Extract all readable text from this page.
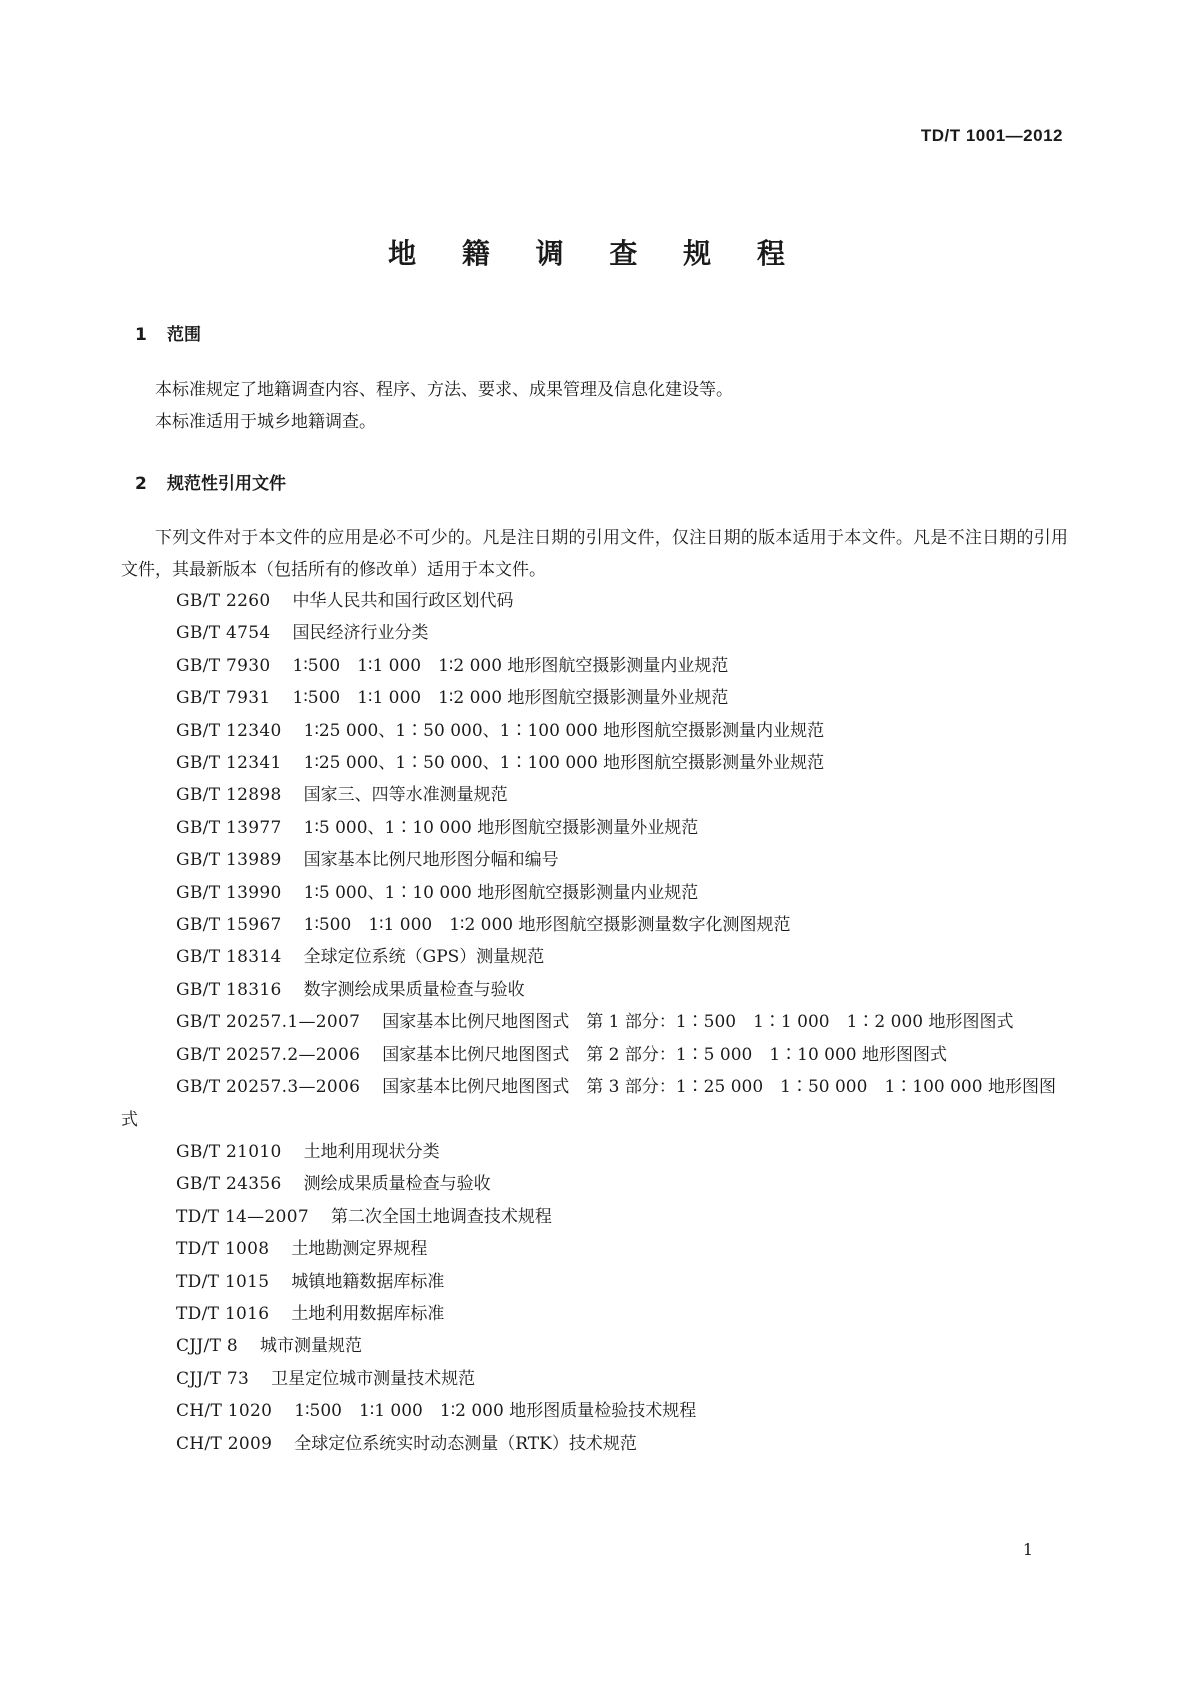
TD/T 1001—2012
地 籍 调 查 规 程
1 范围

本标准规定了地籍调查内容、程序、方法、要求、成果管理及信息化建设等。

本标准适用于城乡地籍调查。

2 规范性引用文件

下列文件对于本文件的应用是必不可少的。凡是注日期的引用文件，仅注日期的版本适用于本文件。凡是不注日期的引用文件，其最新版本（包括所有的修改单）适用于本文件。

GB/T 2260 中华人民共和国行政区划代码

GB/T 4754 国民经济行业分类

GB/T 7930 1∶500　1∶1 000　1∶2 000 地形图航空摄影测量内业规范

GB/T 7931 1∶500　1∶1 000　1∶2 000 地形图航空摄影测量外业规范

GB/T 12340 1∶25 000、1∶50 000、1∶100 000 地形图航空摄影测量内业规范

GB/T 12341 1∶25 000、1∶50 000、1∶100 000 地形图航空摄影测量外业规范

GB/T 12898 国家三、四等水准测量规范

GB/T 13977 1∶5 000、1∶10 000 地形图航空摄影测量外业规范

GB/T 13989 国家基本比例尺地形图分幅和编号

GB/T 13990 1∶5 000、1∶10 000 地形图航空摄影测量内业规范

GB/T 15967 1∶500　1∶1 000　1∶2 000 地形图航空摄影测量数字化测图规范

GB/T 18314 全球定位系统（GPS）测量规范

GB/T 18316 数字测绘成果质量检查与验收

GB/T 20257.1—2007 国家基本比例尺地图图式　第 1 部分：1∶500　1∶1 000　1∶2 000 地形图图式

GB/T 20257.2—2006 国家基本比例尺地图图式　第 2 部分：1∶5 000　1∶10 000 地形图图式

GB/T 20257.3—2006 国家基本比例尺地图图式　第 3 部分：1∶25 000　1∶50 000　1∶100 000 地形图图式

GB/T 21010 土地利用现状分类

GB/T 24356 测绘成果质量检查与验收

TD/T 14—2007 第二次全国土地调查技术规程

TD/T 1008 土地勘测定界规程

TD/T 1015 城镇地籍数据库标准

TD/T 1016 土地利用数据库标准

CJJ/T 8 城市测量规范

CJJ/T 73 卫星定位城市测量技术规范

CH/T 1020 1∶500　1∶1 000　1∶2 000 地形图质量检验技术规程

CH/T 2009 全球定位系统实时动态测量（RTK）技术规范

1
